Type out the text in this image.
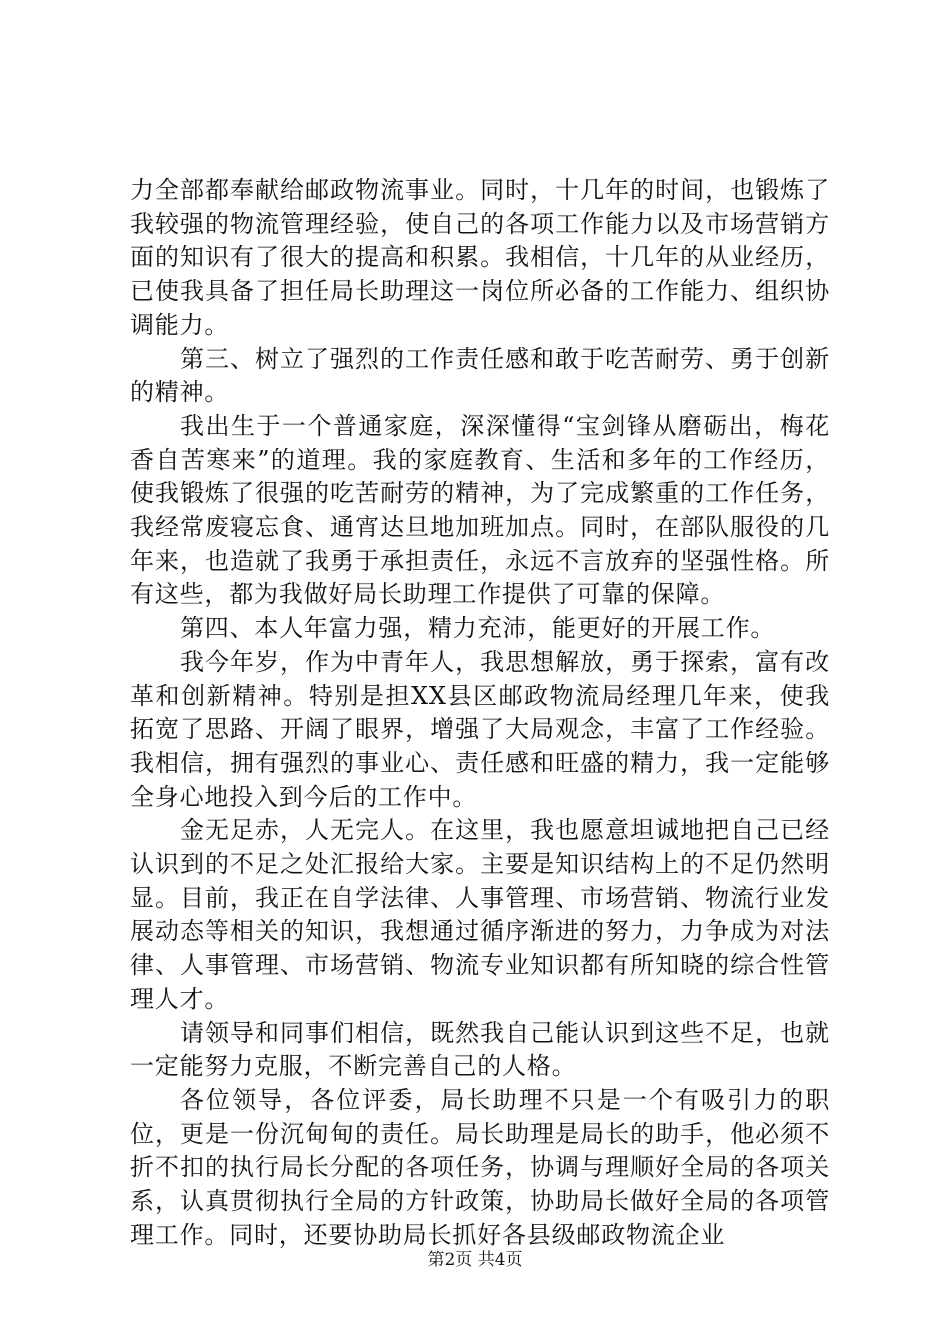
力全部都奉献给邮政物流事业。同时，十几年的时间，也锻炼了我较强的物流管理经验，使自己的各项工作能力以及市场营销方面的知识有了很大的提高和积累。我相信，十几年的从业经历，已使我具备了担任局长助理这一岗位所必备的工作能力、组织协调能力。

第三、树立了强烈的工作责任感和敢于吃苦耐劳、勇于创新的精神。

我出生于一个普通家庭，深深懂得“宝剑锋从磨砺出，梅花香自苦寒来”的道理。我的家庭教育、生活和多年的工作经历，使我锻炼了很强的吃苦耐劳的精神，为了完成繁重的工作任务，我经常废寝忘食、通宵达旦地加班加点。同时，在部队服役的几年来，也造就了我勇于承担责任，永远不言放弃的坚强性格。所有这些，都为我做好局长助理工作提供了可靠的保障。

第四、本人年富力强，精力充沛，能更好的开展工作。

我今年岁，作为中青年人，我思想解放，勇于探索，富有改革和创新精神。特别是担XX县区邮政物流局经理几年来，使我拓宽了思路、开阔了眼界，增强了大局观念，丰富了工作经验。我相信，拥有强烈的事业心、责任感和旺盛的精力，我一定能够全身心地投入到今后的工作中。

金无足赤，人无完人。在这里，我也愿意坦诚地把自己已经认识到的不足之处汇报给大家。主要是知识结构上的不足仍然明显。目前，我正在自学法律、人事管理、市场营销、物流行业发展动态等相关的知识，我想通过循序渐进的努力，力争成为对法律、人事管理、市场营销、物流专业知识都有所知晓的综合性管理人才。

请领导和同事们相信，既然我自己能认识到这些不足，也就一定能努力克服，不断完善自己的人格。

各位领导，各位评委，局长助理不只是一个有吸引力的职位，更是一份沉甸甸的责任。局长助理是局长的助手，他必须不折不扣的执行局长分配的各项任务，协调与理顺好全局的各项关系，认真贯彻执行全局的方针政策，协助局长做好全局的各项管理工作。同时，还要协助局长抓好各县级邮政物流企业

第2页 共4页
